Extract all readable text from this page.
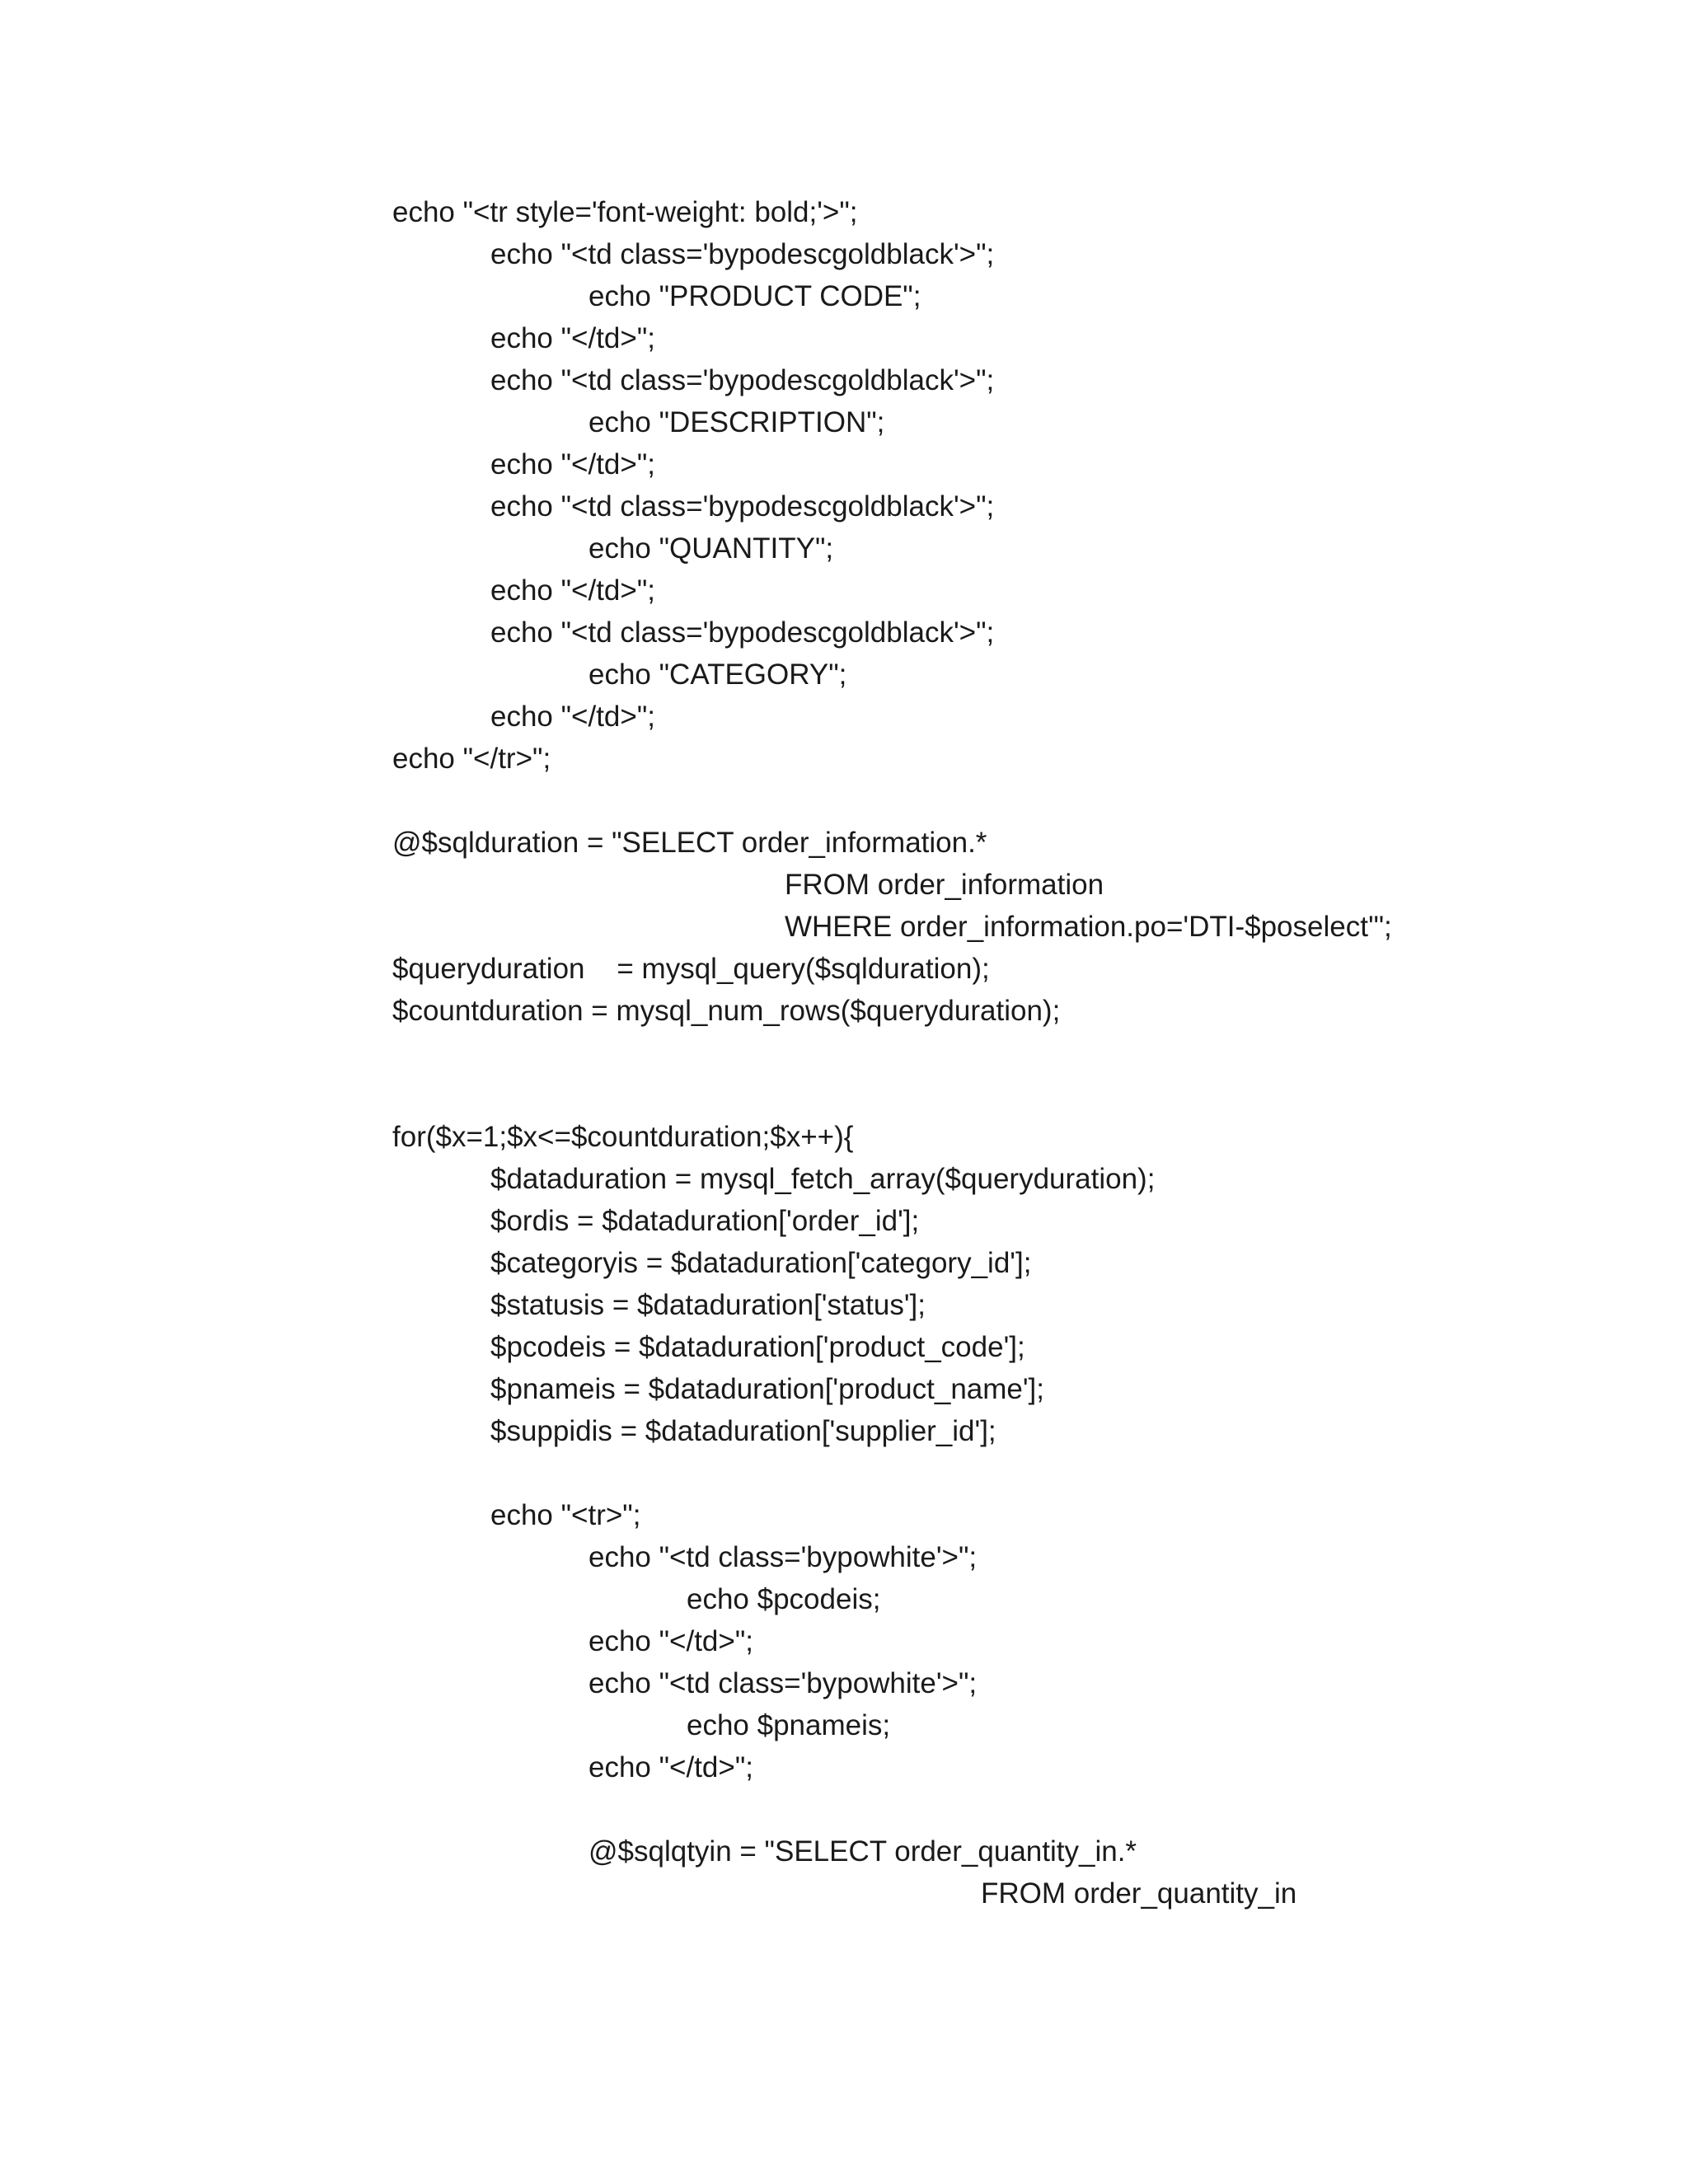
echo "<tr style='font-weight: bold;'>";
echo "<td class='bypodescgoldblack'>";
echo "PRODUCT CODE";
echo "</td>";
echo "<td class='bypodescgoldblack'>";
echo "DESCRIPTION";
echo "</td>";
echo "<td class='bypodescgoldblack'>";
echo "QUANTITY";
echo "</td>";
echo "<td class='bypodescgoldblack'>";
echo "CATEGORY";
echo "</td>";
echo "</tr>";
@$sqlduration = "SELECT order_information.*
FROM order_information
WHERE order_information.po='DTI-$poselect'";
$queryduration    = mysql_query($sqlduration);
$countduration = mysql_num_rows($queryduration);
for($x=1;$x<=$countduration;$x++){
$dataduration = mysql_fetch_array($queryduration);
$ordis = $dataduration['order_id'];
$categoryis = $dataduration['category_id'];
$statusis = $dataduration['status'];
$pcodeis = $dataduration['product_code'];
$pnameis = $dataduration['product_name'];
$suppidis = $dataduration['supplier_id'];
echo "<tr>";
echo "<td class='bypowhite'>";
echo $pcodeis;
echo "</td>";
echo "<td class='bypowhite'>";
echo $pnameis;
echo "</td>";
@$sqlqtyin = "SELECT order_quantity_in.*
FROM order_quantity_in
